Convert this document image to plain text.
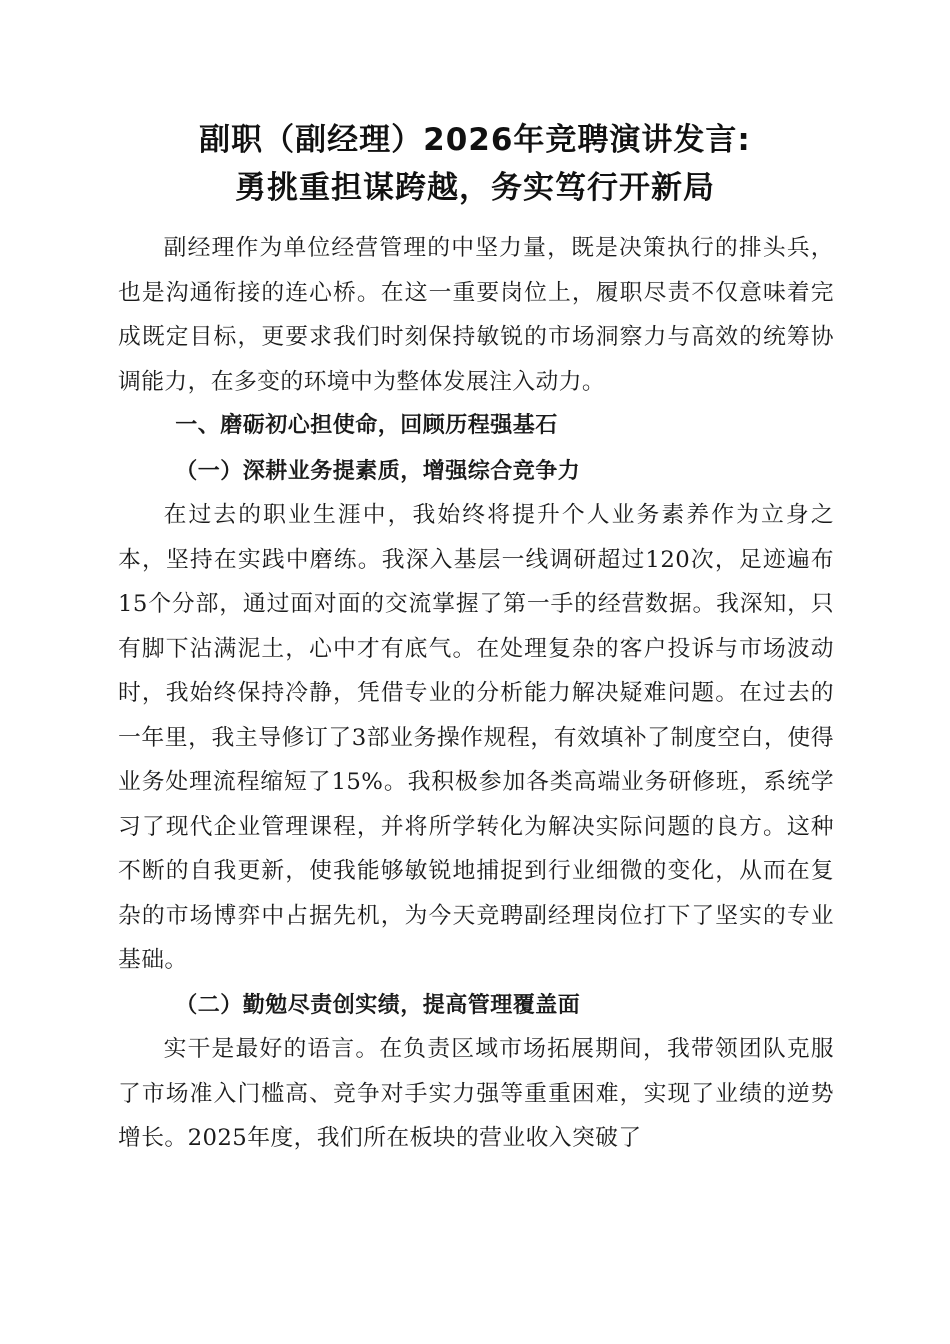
副职（副经理）2026年竞聘演讲发言:
勇挑重担谋跨越，务实笃行开新局

副经理作为单位经营管理的中坚力量，既是决策执行的排头兵，也是沟通衔接的连心桥。在这一重要岗位上，履职尽责不仅意味着完成既定目标，更要求我们时刻保持敏锐的市场洞察力与高效的统筹协调能力，在多变的环境中为整体发展注入动力。

一、磨砺初心担使命，回顾历程强基石

（一）深耕业务提素质，增强综合竞争力

在过去的职业生涯中，我始终将提升个人业务素养作为立身之本，坚持在实践中磨练。我深入基层一线调研超过120次，足迹遍布15个分部，通过面对面的交流掌握了第一手的经营数据。我深知，只有脚下沾满泥土，心中才有底气。在处理复杂的客户投诉与市场波动时，我始终保持冷静，凭借专业的分析能力解决疑难问题。在过去的一年里，我主导修订了3部业务操作规程，有效填补了制度空白，使得业务处理流程缩短了15%。我积极参加各类高端业务研修班，系统学习了现代企业管理课程，并将所学转化为解决实际问题的良方。这种不断的自我更新，使我能够敏锐地捕捉到行业细微的变化，从而在复杂的市场博弈中占据先机，为今天竞聘副经理岗位打下了坚实的专业基础。

（二）勤勉尽责创实绩，提高管理覆盖面

实干是最好的语言。在负责区域市场拓展期间，我带领团队克服了市场准入门槛高、竞争对手实力强等重重困难，实现了业绩的逆势增长。2025年度，我们所在板块的营业收入突破了
